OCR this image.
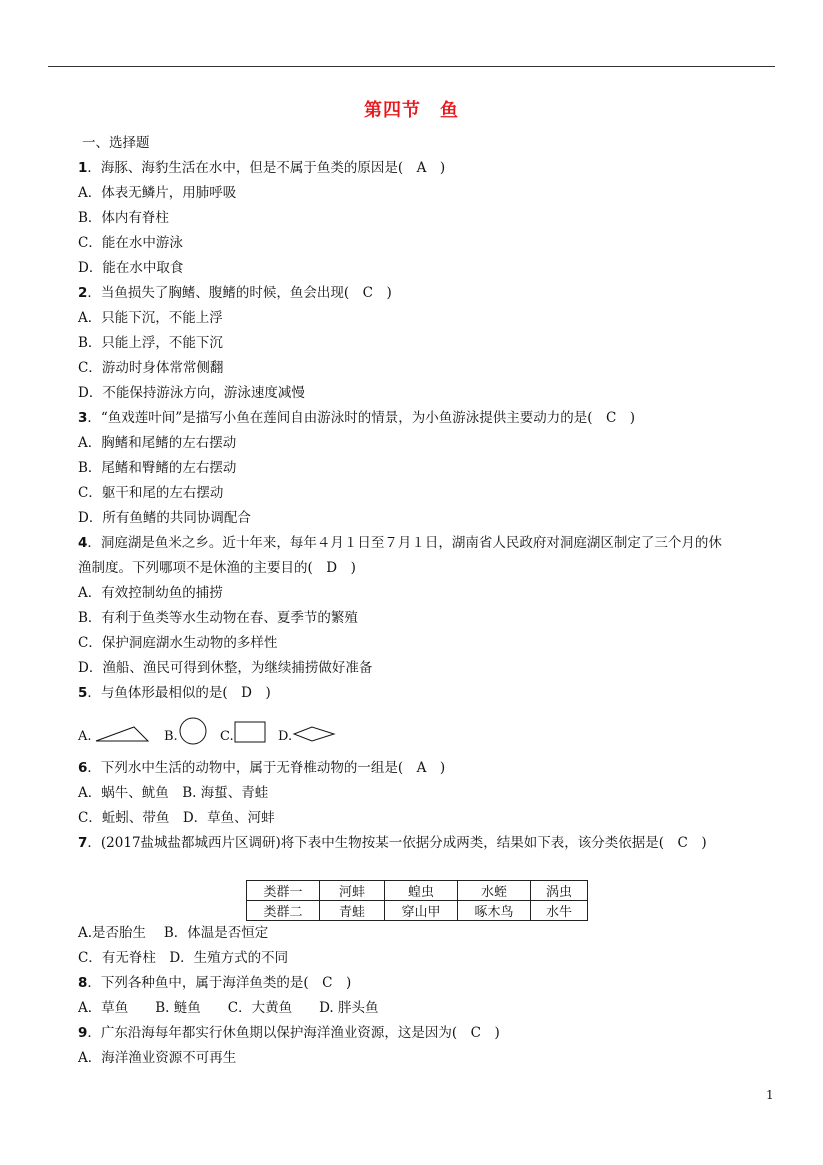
第四节　鱼
一、选择题
1．海豚、海豹生活在水中，但是不属于鱼类的原因是(　A　)
A．体表无鳞片，用肺呼吸
B．体内有脊柱
C．能在水中游泳
D．能在水中取食
2．当鱼损失了胸鳍、腹鳍的时候，鱼会出现(　C　)
A．只能下沉，不能上浮
B．只能上浮，不能下沉
C．游动时身体常常侧翻
D．不能保持游泳方向，游泳速度减慢
3．“鱼戏莲叶间”是描写小鱼在莲间自由游泳时的情景，为小鱼游泳提供主要动力的是(　C　)
A．胸鳍和尾鳍的左右摆动
B．尾鳍和臀鳍的左右摆动
C．躯干和尾的左右摆动
D．所有鱼鳍的共同协调配合
4．洞庭湖是鱼米之乡。近十年来，每年４月１日至７月１日，湖南省人民政府对洞庭湖区制定了三个月的休
渔制度。下列哪项不是休渔的主要目的(　D　)
A．有效控制幼鱼的捕捞
B．有利于鱼类等水生动物在春、夏季节的繁殖
C．保护洞庭湖水生动物的多样性
D．渔船、渔民可得到休整，为继续捕捞做好准备
5．与鱼体形最相似的是(　D　)
A.	B.	C.	D.
6．下列水中生活的动物中，属于无脊椎动物的一组是(　A　)
A．蜗牛、鱿鱼　B. 海蜇、青蛙
C．蚯蚓、带鱼　D．草鱼、河蚌
7．(2017盐城盐都城西片区调研)将下表中生物按某一依据分成两类，结果如下表，该分类依据是(　C　)
类群一	河蚌	蝗虫	水蛭	涡虫
类群二	青蛙	穿山甲	啄木鸟	水牛
A.是否胎生　 B．体温是否恒定
C．有无脊柱　D．生殖方式的不同
8．下列各种鱼中，属于海洋鱼类的是(　C　)
A．草鱼　　B. 鲢鱼　　C．大黄鱼　　D. 胖头鱼
9．广东沿海每年都实行休鱼期以保护海洋渔业资源，这是因为(　C　)
A．海洋渔业资源不可再生
1
